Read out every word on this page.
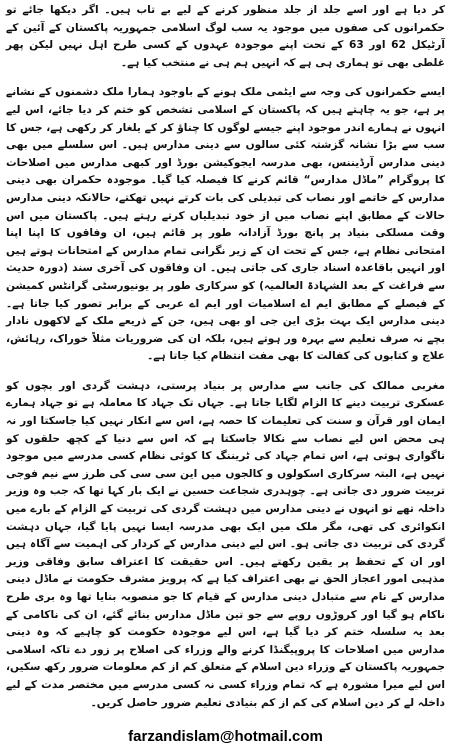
کر دیا ہے اور اسے جلد از جلد منظور کرنے کے لیے بے تاب ہیں۔ اگر دیکھا جائے تو حکمرانوں کی صفوں میں موجود یہ سب لوگ اسلامی جمہوریہ پاکستان کے آئین کے آرٹیکل 62 اور 63 کے تحت اپنے موجودہ عہدوں کے کسی طرح اہل نہیں لیکن پھر غلطی بھی تو ہماری ہی ہے کہ انہیں ہم ہی نے منتخب کیا ہے۔

ایسے حکمرانوں کی وجہ سے ایٹمی ملک ہونے کے باوجود ہمارا ملک دشمنوں کے نشانے پر ہے، جو یہ چاہتے ہیں کہ پاکستان کے اسلامی تشخص کو ختم کر دیا جائے، اس لیے انہوں نے ہمارے اندر موجود اپنے جیسے لوگوں کا چناؤ کر کے یلغار کر رکھی ہے، جس کا سب سے بڑا نشانہ گزشتہ کئی سالوں سے دینی مدارس ہیں۔ اس سلسلے میں بھی دینی مدارس آرڈیننس، بھی مدرسہ ایجوکیشن بورڈ اور کبھی مدارس میں اصلاحات کا پروگرام ”ماڈل مدارس“ قائم کرنے کا فیصلہ کیا گیا۔ موجودہ حکمران بھی دینی مدارس کے خاتمے اور نصاب کی تبدیلی کی بات کرتے نہیں تھکتے، حالانکہ دینی مدارس حالات کے مطابق اپنے نصاب میں از خود تبدیلیاں کرتے رہتے ہیں۔ پاکستان میں اس وقت مسلکی بنیاد پر پانچ بورڈ آزادانہ طور پر قائم ہیں، ان وفاقوں کا اپنا اپنا امتحانی نظام ہے، جس کے تحت ان کے زیر نگرانی تمام مدارس کے امتحانات ہوتے ہیں اور انہیں باقاعدہ اسناد جاری کی جاتی ہیں۔ ان وفاقوں کی آخری سند (دورہ حدیث سے فراغت کے بعد الشہادۃ العالمیہ) کو سرکاری طور پر یونیورسٹی گرانٹس کمیشن کے فیصلے کے مطابق ایم اے اسلامیات اور ایم اے عربی کے برابر تصور کیا جاتا ہے۔ دینی مدارس ایک بہت بڑی این جی او بھی ہیں، جن کے ذریعے ملک کے لاکھوں نادار بچے نہ صرف تعلیم سے بہرہ ور ہوتے ہیں، بلکہ ان کی ضروریات مثلاً خوراک، رہائش، علاج و کتابوں کی کفالت کا بھی مفت انتظام کیا جاتا ہے۔

مغربی ممالک کی جانب سے مدارس پر بنیاد پرستی، دہشت گردی اور بچوں کو عسکری تربیت دینے کا الزام لگایا جاتا ہے۔ جہاں تک جہاد کا معاملہ ہے تو جہاد ہمارے ایمان اور قرآن و سنت کی تعلیمات کا حصہ ہے، اس سے انکار نہیں کیا جاسکتا اور نہ ہی محض اس لیے نصاب سے نکالا جاسکتا ہے کہ اس سے دنیا کے کچھ حلقوں کو ناگواری ہوتی ہے، اس تمام جہاد کی ٹریننگ کا کوئی نظام کسی مدرسے میں موجود نہیں ہے، البتہ سرکاری اسکولوں و کالجوں میں این سی سی کی طرز سے نیم فوجی تربیت ضرور دی جاتی ہے۔ چوہدری شجاعت حسین نے ایک بار کہا تھا کہ جب وہ وزیر داخلہ تھے تو انہوں نے دینی مدارس میں دہشت گردی کی تربیت کے الزام کے بارے میں انکوائری کی تھی، مگر ملک میں ایک بھی مدرسہ ایسا نہیں پایا گیا، جہاں دہشت گردی کی تربیت دی جاتی ہو۔ اس لیے دینی مدارس کے کردار کی اہمیت سے آگاہ ہیں اور ان کے تحفظ پر یقین رکھتے ہیں۔ اس حقیقت کا اعتراف سابق وفاقی وزیر مذہبی امور اعجاز الحق نے بھی اعتراف کیا ہے کہ پرویز مشرف حکومت نے ماڈل دینی مدارس کے نام سے متبادل دینی مدارس کے قیام کا جو منصوبہ بنایا تھا وہ بری طرح ناکام ہو گیا اور کروڑوں روپے سے جو تین ماڈل مدارس بنائے گئے، ان کی ناکامی کے بعد یہ سلسلہ ختم کر دیا گیا ہے، اس لیے موجودہ حکومت کو چاہیے کہ وہ دینی مدارس میں اصلاحات کا پروپیگنڈا کرنے والے وزراء کی اصلاح پر زور دے تاکہ اسلامی جمہوریہ پاکستان کے وزراء دین اسلام کے متعلق کم از کم معلومات ضرور رکھ سکیں، اس لیے میرا مشورہ ہے کہ تمام وزراء کسی نہ کسی مدرسے میں مختصر مدت کے لیے داخلہ لے کر دین اسلام کی کم از کم بنیادی تعلیم ضرور حاصل کریں۔

farzandislam@hotmail.com
